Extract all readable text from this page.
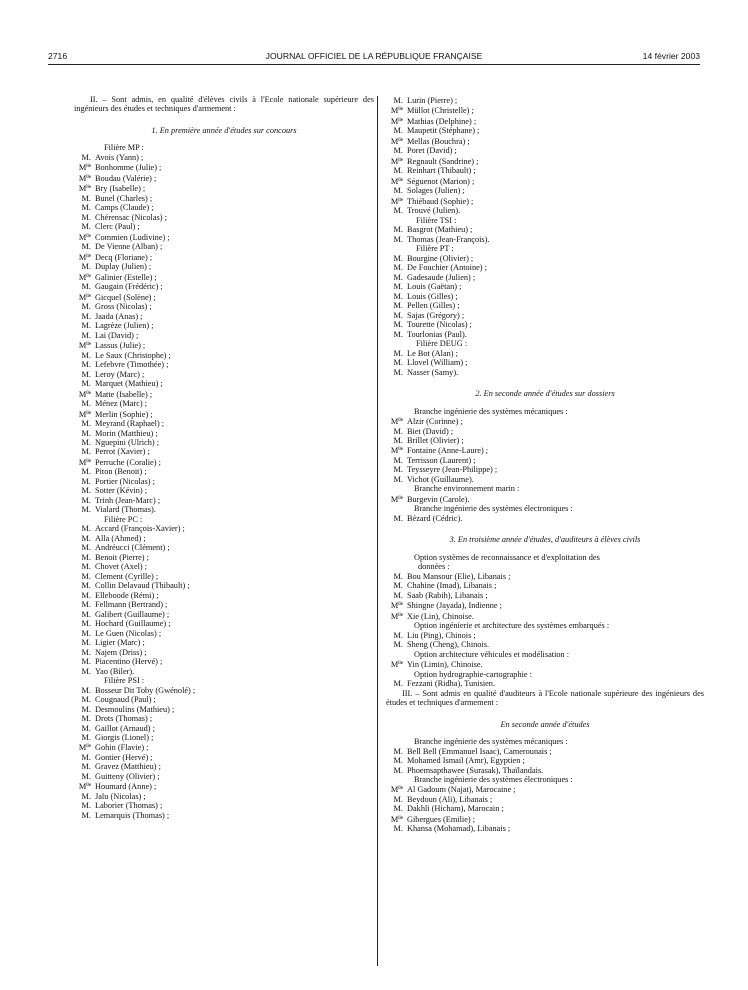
2716	JOURNAL OFFICIEL DE LA RÉPUBLIQUE FRANÇAISE	14 février 2003
II. – Sont admis, en qualité d'élèves civils à l'Ecole nationale supérieure des ingénieurs des études et techniques d'armement :
1. En première année d'études sur concours
Filière MP :
M. Avois (Yann) ;
$M^{lle}$ Bonhomme (Julie) ;
$M^{lle}$ Boudau (Valérie) ;
$M^{lle}$ Bry (Isabelle) ;
M. Bunel (Charles) ;
M. Camps (Claude) ;
M. Chérensac (Nicolas) ;
M. Clerc (Paul) ;
$M^{lle}$ Commien (Ludivine) ;
M. De Vienne (Alban) ;
$M^{lle}$ Decq (Floriane) ;
M. Duplay (Julien) ;
$M^{lle}$ Galinier (Estelle) ;
M. Gaugain (Frédéric) ;
$M^{lle}$ Gicquel (Solène) ;
M. Gross (Nicolas) ;
M. Jaada (Anas) ;
M. Lagrèze (Julien) ;
M. Lai (David) ;
$M^{lle}$ Lassus (Julie) ;
M. Le Saux (Christophe) ;
M. Lefebvre (Timothée) ;
M. Leroy (Marc) ;
M. Marquet (Mathieu) ;
$M^{lle}$ Matte (Isabelle) ;
M. Ménez (Marc) ;
$M^{lle}$ Merlin (Sophie) ;
M. Meyrand (Raphael) ;
M. Morin (Matthieu) ;
M. Nguepini (Ulrich) ;
M. Perrot (Xavier) ;
$M^{lle}$ Perruche (Coralie) ;
M. Piton (Benoit) ;
M. Portier (Nicolas) ;
M. Sotter (Kévin) ;
M. Trinh (Jean-Marc) ;
M. Vialard (Thomas).
Filière PC :
M. Accard (François-Xavier) ;
M. Alla (Ahmed) ;
M. Andréucci (Clément) ;
M. Benoit (Pierre) ;
M. Chovet (Axel) ;
M. Clement (Cyrille) ;
M. Collin Delavaud (Thibault) ;
M. Elleboode (Rémi) ;
M. Fellmann (Bertrand) ;
M. Galibert (Guillaume) ;
M. Hochard (Guillaume) ;
M. Le Guen (Nicolas) ;
M. Ligier (Marc) ;
M. Najem (Driss) ;
M. Piacentino (Hervé) ;
M. Yao (Biler).
Filière PSI :
M. Bosseur Dit Toby (Gwénolé) ;
M. Cougnaud (Paul) ;
M. Desmoulins (Mathieu) ;
M. Drots (Thomas) ;
M. Gaillot (Arnaud) ;
M. Giorgis (Lionel) ;
$M^{lle}$ Gohin (Flavie) ;
M. Gontier (Hervé) ;
M. Gravez (Matthieu) ;
M. Guitteny (Olivier) ;
$M^{lle}$ Houmard (Anne) ;
M. Jalu (Nicolas) ;
M. Laborier (Thomas) ;
M. Lemarquis (Thomas) ;
M. Lurin (Pierre) ;
$M^{lle}$ Müllot (Christelle) ;
$M^{lle}$ Mathias (Delphine) ;
M. Maupetit (Stéphane) ;
$M^{lle}$ Mellas (Bouchra) ;
M. Poret (David) ;
$M^{lle}$ Regnault (Sandrine) ;
M. Reinhart (Thibault) ;
$M^{lle}$ Séguenot (Marion) ;
M. Solages (Julien) ;
$M^{lle}$ Thiébaud (Sophie) ;
M. Trouvé (Julien).
Filière TSI :
M. Basgrot (Mathieu) ;
M. Thomas (Jean-François).
Filière PT :
M. Bourgine (Olivier) ;
M. De Fouchier (Antoine) ;
M. Gadesaude (Julien) ;
M. Louis (Gaëtan) ;
M. Louis (Gilles) ;
M. Pellen (Gilles) ;
M. Sajas (Grégory) ;
M. Tourette (Nicolas) ;
M. Tourlonias (Paul).
Filière DEUG :
M. Le Bot (Alan) ;
M. Llovel (William) ;
M. Nasser (Samy).
2. En seconde année d'études sur dossiers
Branche ingénierie des systèmes mécaniques :
$M^{lle}$ Alzir (Corinne) ;
M. Biet (David) ;
M. Brillet (Olivier) ;
$M^{lle}$ Fontaine (Anne-Laure) ;
M. Terrisson (Laurent) ;
M. Teysseyre (Jean-Philippe) ;
M. Vichot (Guillaume).
Branche environnement marin :
$M^{lle}$ Burgevin (Carole).
Branche ingénierie des systèmes électroniques :
M. Bézard (Cédric).
3. En troisième année d'études, d'auditeurs à élèves civils
Option systèmes de reconnaissance et d'exploitation des
données :
M. Bou Mansour (Elie), Libanais ;
M. Chahine (Imad), Libanais ;
M. Saab (Rabih), Libanais ;
$M^{lle}$ Shingne (Jayada), Indienne ;
$M^{lle}$ Xie (Lin), Chinoise.
Option ingénierie et architecture des systèmes embarqués :
M. Liu (Ping), Chinois ;
M. Sheng (Cheng), Chinois.
Option architecture véhicules et modélisation :
$M^{lle}$ Yin (Limin), Chinoise.
Option hydrographie-cartographie :
M. Fezzani (Ridha), Tunisien.
III. – Sont admis en qualité d'auditeurs à l'Ecole nationale supérieure des ingénieurs des études et techniques d'armement :
En seconde année d'études
Branche ingénierie des systèmes mécaniques :
M. Bell Bell (Emmanuel Isaac), Camerounais ;
M. Mohamed Ismail (Amr), Egyptien ;
M. Phoemsapthawee (Surasak), Thaïlandais.
Branche ingénierie des systèmes électroniques :
$M^{lle}$ Al Gadoum (Najat), Marocaine ;
M. Beydoun (Ali), Libanais ;
M. Dakhli (Hicham), Marocain ;
$M^{lle}$ Gibergues (Emilie) ;
M. Khansa (Mohamad), Libanais ;
